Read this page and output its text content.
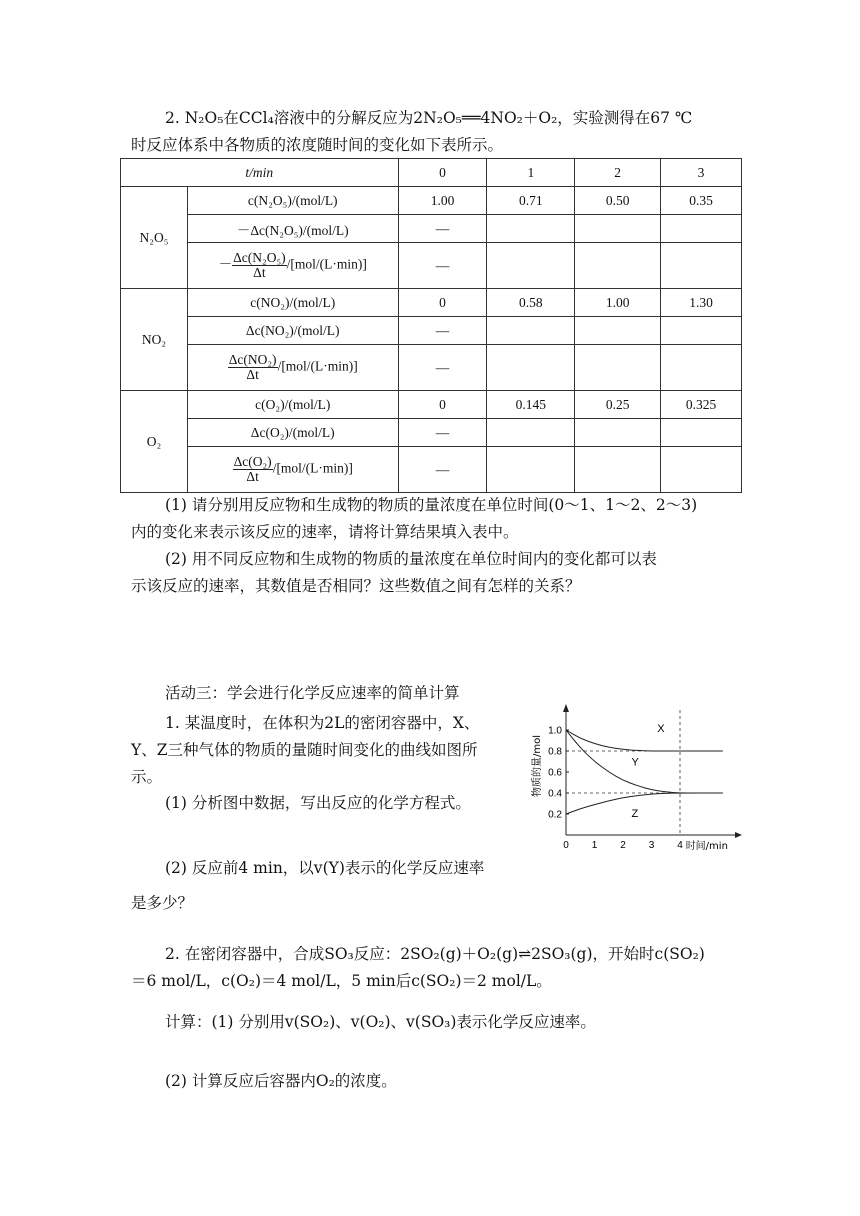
2. N₂O₅在CCl₄溶液中的分解反应为2N₂O₅══4NO₂＋O₂，实验测得在67 ℃
时反应体系中各物质的浓度随时间的变化如下表所示。
t/min		0	1	2	3
N₂O₅	c(N₂O₅)/(mol/L)	1.00	0.71	0.50	0.35
	－Δc(N₂O₅)/(mol/L)	—			
	－ $\frac{\text{Δc(N₂O₅)}}{\Delta t} /[mol/(L\cdot\min)]$	—			
NO₂	c(NO₂)/(mol/L)	0	0.58	1.00	1.30
	Δc(NO₂)/(mol/L)	—			

	$\frac{\text{Δc(NO₂)}}{\Delta t} /[mol/(L\cdot\min)]$	—			
O₂	c(O₂)/(mol/L)	0	0.145	0.25	0.325
	Δc(O₂)/(mol/L)	—			

	$\frac{\text{Δc(O₂)}}{\Delta t} /[mol/(L\cdot\min)]$	—			
(1) 请分别用反应物和生成物的物质的量浓度在单位时间(0～1、1～2、2～3)
内的变化来表示该反应的速率，请将计算结果填入表中。
(2) 用不同反应物和生成物的物质的量浓度在单位时间内的变化都可以表
示该反应的速率，其数值是否相同？这些数值之间有怎样的关系？
活动三：学会进行化学反应速率的简单计算
1. 某温度时，在体积为2L的密闭容器中，X、
Y、Z三种气体的物质的量随时间变化的曲线如图所
示。
(1) 分析图中数据，写出反应的化学方程式。
(2) 反应前4 min，以v(Y)表示的化学反应速率
是多少？
0 1 2 3 4
0.2
0.4
0.6
0.8
1.0
时间/min
物质的量/mol
X
Y
Z
2. 在密闭容器中，合成SO₃反应：2SO₂(g)＋O₂(g)⇌2SO₃(g)，开始时c(SO₂)
＝6 mol/L，c(O₂)＝4 mol/L，5 min后c(SO₂)＝2 mol/L。
计算：(1) 分别用v(SO₂)、v(O₂)、v(SO₃)表示化学反应速率。
(2) 计算反应后容器内O₂的浓度。
